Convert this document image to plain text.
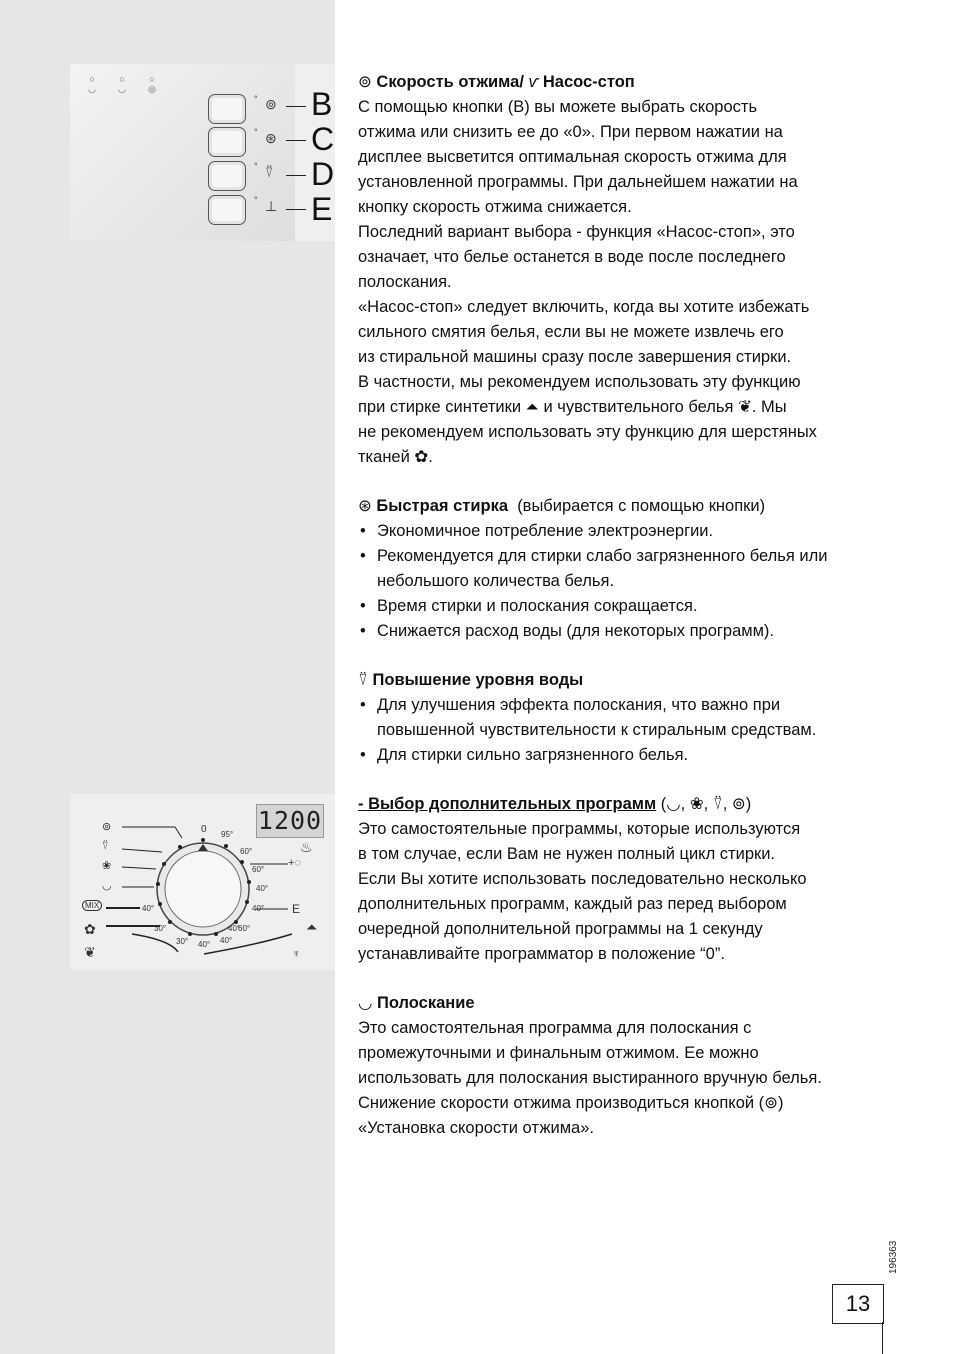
○
◡
○
◡
○
◎
° ⊚ B
° ⊛ C
° ⍢ D
° ⊥ E
1200
⊚
⍢
❀
◡
MIX
✿
❦
♨
+◌
⏶
♆
0 95°
60°
60°
40°
40°
40°
40°
30°
30° 40° 40°
60°
E

⊚ Скорость отжима/ ѵ Насос-стоп

С помощью кнопки (В) вы можете выбрать скорость

отжима или снизить ее до «0». При первом нажатии на

дисплее высветится оптимальная скорость отжима для

установленной программы. При дальнейшем нажатии на

кнопку скорость отжима снижается.

Последний вариант выбора - функция «Насос-стоп», это

означает, что белье останется в воде после последнего

полоскания.

«Насос-стоп» следует включить, когда вы хотите избежать

сильного смятия белья, если вы не можете извлечь его

из стиральной машины сразу после завершения стирки.

В частности, мы рекомендуем использовать эту функцию

при стирке синтетики ⏶ и чувствительного белья ❦. Мы

не рекомендуем использовать эту функцию для шерстяных

тканей ✿.

⊛ Быстрая стирка (выбирается с помощью кнопки)

• Экономичное потребление электроэнергии.
• Рекомендуется для стирки слабо загрязненного белья или
небольшого количества белья.
• Время стирки и полоскания сокращается.
• Снижается расход воды (для некоторых программ).

⍢ Повышение уровня воды

• Для улучшения эффекта полоскания, что важно при
повышенной чувствительности к стиральным средствам.
• Для стирки сильно загрязненного белья.

- Выбор дополнительных программ (◡, ❀, ⍢, ⊚)

Это самостоятельные программы, которые используются

в том случае, если Вам не нужен полный цикл стирки.

Если Вы хотите использовать последовательно несколько

дополнительных программ, каждый раз перед выбором

очередной дополнительной программы на 1 секунду

устанавливайте программатор в положение “0”.

◡ Полоскание

Это самостоятельная программа для полоскания с

промежуточными и финальным отжимом. Ее можно

использовать для полоскания выстиранного вручную белья.

Снижение скорости отжима производиться кнопкой (⊚)

«Установка скорости отжима».

196363
13
